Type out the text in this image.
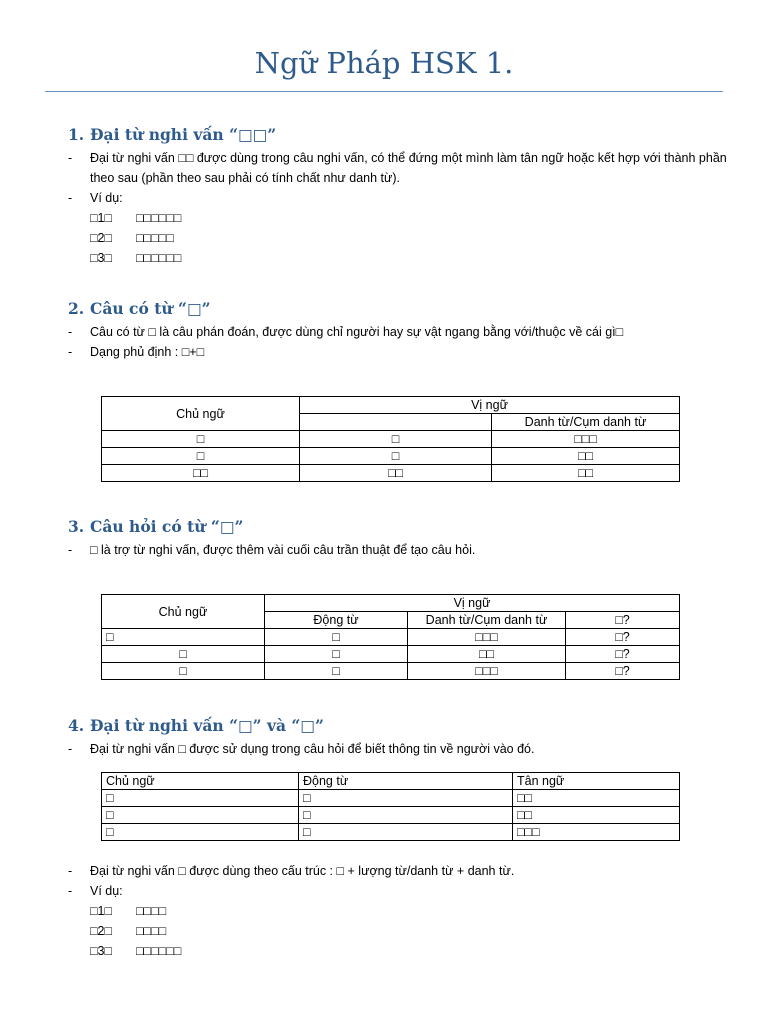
Ngữ Pháp HSK 1.
1. Đại từ nghi vấn “□□”
- Đại từ nghi vấn □□ được dùng trong câu nghi vấn, có thể đứng một mình làm tân ngữ hoặc kết hợp với thành phần theo sau (phần theo sau phải có tính chất như danh từ).
- Ví dụ:
□1□ □□□□□□
□2□ □□□□□
□3□ □□□□□□
2. Câu có từ “□”
- Câu có từ □ là câu phán đoán, được dùng chỉ người hay sự vật ngang bằng với/thuộc về cái gì□
- Dạng phủ định : □+□
Chủ ngữ	Vị ngữ	
		Danh từ/Cụm danh từ
□	□	□□□
□	□	□□
□□	□□	□□
3. Câu hỏi có từ “□”
- □ là trợ từ nghi vấn, được thêm vài cuối câu trần thuật để tạo câu hỏi.
Chủ ngữ	Vị ngữ		
	Động từ	Danh từ/Cụm danh từ	□?
□	□	□□□	□?
□	□	□□	□?
□	□	□□□	□?
4. Đại từ nghi vấn “□” và “□”
- Đại từ nghi vấn □ được sử dụng trong câu hỏi để biết thông tin về người vào đó.
Chủ ngữ	Động từ	Tân ngữ
□	□	□□
□	□	□□
□	□	□□□
- Đại từ nghi vấn □ được dùng theo cấu trúc : □ + lượng từ/danh từ + danh từ.
- Ví dụ:
□1□ □□□□
□2□ □□□□
□3□ □□□□□□
